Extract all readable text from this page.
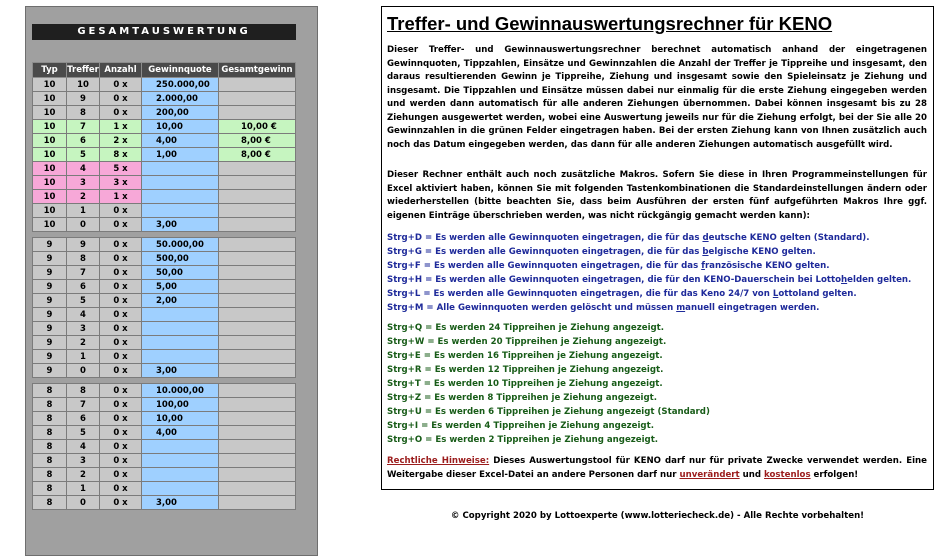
GESAMTAUSWERTUNG
Typ	Treffer	Anzahl	Gewinnquote	Gesamtgewinn
10	10	0 x	250.000,00	
10	9	0 x	2.000,00	
10	8	0 x	200,00	
10	7	1 x	10,00	10,00 €
10	6	2 x	4,00	8,00 €
10	5	8 x	1,00	8,00 €
10	4	5 x		
10	3	3 x		
10	2	1 x		
10	1	0 x		
10	0	0 x	3,00	

9	9	0 x	50.000,00	
9	8	0 x	500,00	
9	7	0 x	50,00	
9	6	0 x	5,00	
9	5	0 x	2,00	
9	4	0 x		
9	3	0 x		
9	2	0 x		
9	1	0 x		
9	0	0 x	3,00	

8	8	0 x	10.000,00	
8	7	0 x	100,00	
8	6	0 x	10,00	
8	5	0 x	4,00	
8	4	0 x		
8	3	0 x		
8	2	0 x		
8	1	0 x		
8	0	0 x	3,00	
Treffer- und Gewinnauswertungsrechner für KENO

Dieser Treffer- und Gewinnauswertungsrechner berechnet automatisch anhand der eingetragenen Gewinnquoten, Tippzahlen, Einsätze und Gewinnzahlen die Anzahl der Treffer je Tippreihe und insgesamt, den daraus resultierenden Gewinn je Tippreihe, Ziehung und insgesamt sowie den Spieleinsatz je Ziehung und insgesamt. Die Tippzahlen und Einsätze müssen dabei nur einmalig für die erste Ziehung eingegeben werden und werden dann automatisch für alle anderen Ziehungen übernommen. Dabei können insgesamt bis zu 28 Ziehungen ausgewertet werden, wobei eine Auswertung jeweils nur für die Ziehung erfolgt, bei der Sie alle 20 Gewinnzahlen in die grünen Felder eingetragen haben. Bei der ersten Ziehung kann von Ihnen zusätzlich auch noch das Datum eingegeben werden, das dann für alle anderen Ziehungen automatisch ausgefüllt wird.

Dieser Rechner enthält auch noch zusätzliche Makros. Sofern Sie diese in Ihren Programmeinstellungen für Excel aktiviert haben, können Sie mit folgenden Tastenkombinationen die Standardeinstellungen ändern oder wiederherstellen (bitte beachten Sie, dass beim Ausführen der ersten fünf aufgeführten Makros Ihre ggf. eigenen Einträge überschrieben werden, was nicht rückgängig gemacht werden kann):

Strg+D = Es werden alle Gewinnquoten eingetragen, die für das deutsche KENO gelten (Standard).

Strg+G = Es werden alle Gewinnquoten eingetragen, die für das belgische KENO gelten.

Strg+F = Es werden alle Gewinnquoten eingetragen, die für das französische KENO gelten.

Strg+H = Es werden alle Gewinnquoten eingetragen, die für den KENO-Dauerschein bei Lottohelden gelten.

Strg+L = Es werden alle Gewinnquoten eingetragen, die für das Keno 24/7 von Lottoland gelten.

Strg+M = Alle Gewinnquoten werden gelöscht und müssen manuell eingetragen werden.

Strg+Q = Es werden 24 Tippreihen je Ziehung angezeigt.

Strg+W = Es werden 20 Tippreihen je Ziehung angezeigt.

Strg+E = Es werden 16 Tippreihen je Ziehung angezeigt.

Strg+R = Es werden 12 Tippreihen je Ziehung angezeigt.

Strg+T = Es werden 10 Tippreihen je Ziehung angezeigt.

Strg+Z = Es werden 8 Tippreihen je Ziehung angezeigt.

Strg+U = Es werden 6 Tippreihen je Ziehung angezeigt (Standard)

Strg+I = Es werden 4 Tippreihen je Ziehung angezeigt.

Strg+O = Es werden 2 Tippreihen je Ziehung angezeigt.

Rechtliche Hinweise: Dieses Auswertungstool für KENO darf nur für private Zwecke verwendet werden. Eine Weitergabe dieser Excel-Datei an andere Personen darf nur unverändert und kostenlos erfolgen!

© Copyright 2020 by Lottoexperte (www.lotteriecheck.de) - Alle Rechte vorbehalten!
